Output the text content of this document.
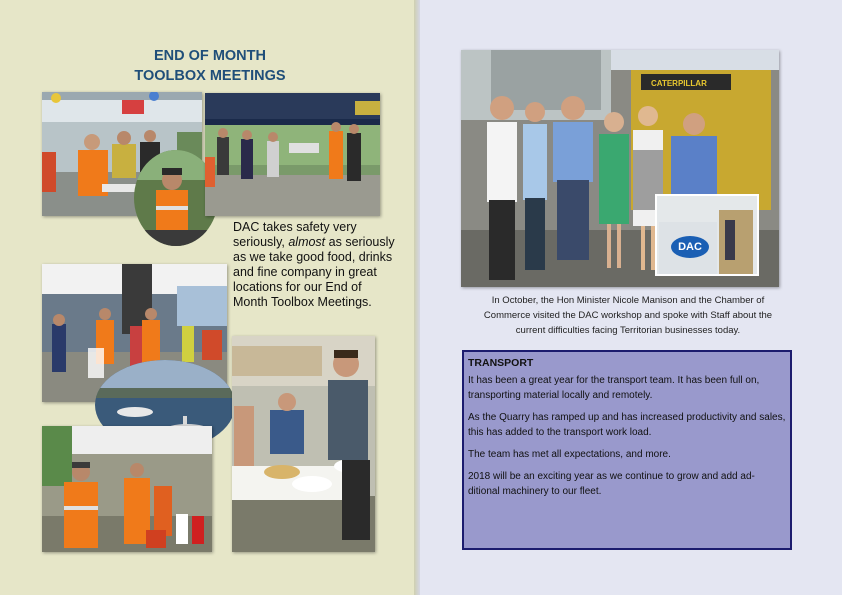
END OF MONTH
TOOLBOX MEETINGS
DAC takes safety very seriously, almost as seriously as we take good food, drinks and fine company in great locations for our End of Month Toolbox Meetings.
CATERPILLAR
DAC
In October, the Hon Minister Nicole Manison and the Chamber of
Commerce visited the DAC workshop and spoke with Staff about the
current difficulties facing Territorian businesses today.
TRANSPORT

It has been a great year for the transport team. It has been full on, transporting material locally and remotely.

As the Quarry has ramped up and has increased productivity and sales, this has added to the transport work load.

The team has met all expectations, and more.

2018 will be an exciting year as we continue to grow and add ad-ditional machinery to our fleet.
